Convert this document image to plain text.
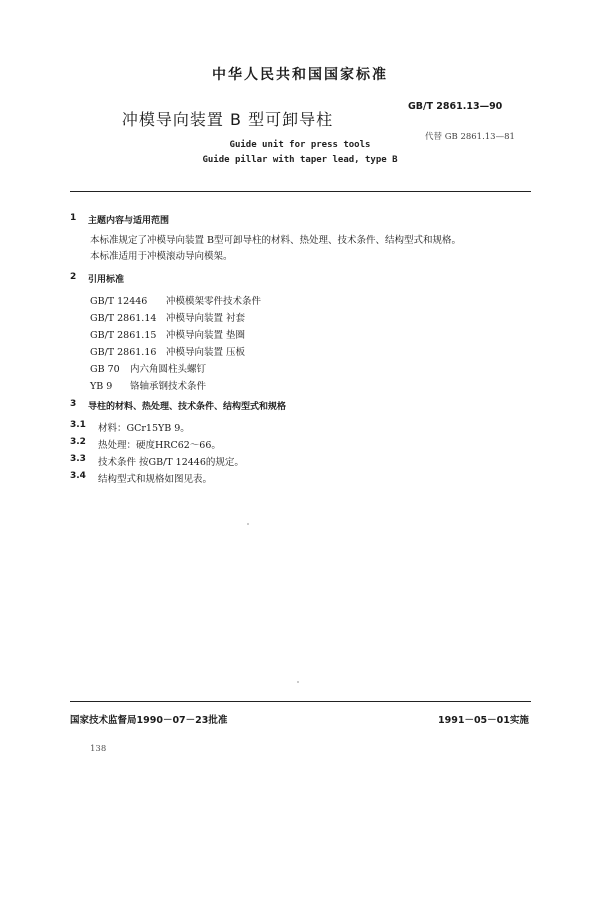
中华人民共和国国家标准
GB/T 2861.13—90
冲模导向装置 B 型可卸导柱
代替 GB 2861.13—81
Guide unit for press tools
Guide pillar with taper lead, type B
1 主题内容与适用范围
本标准规定了冲模导向装置 B型可卸导柱的材料、热处理、技术条件、结构型式和规格。
本标准适用于冲模滚动导向模架。
2 引用标准
GB/T 12446 冲模模架零件技术条件
GB/T 2861.14 冲模导向装置 衬套
GB/T 2861.15 冲模导向装置 垫圈
GB/T 2861.16 冲模导向装置 压板
GB 70 内六角圆柱头螺钉
YB 9 铬轴承钢技术条件
3 导柱的材料、热处理、技术条件、结构型式和规格
3.1 材料：GCr15YB 9。
3.2 热处理：硬度HRC62～66。
3.3 技术条件 按GB/T 12446的规定。
3.4 结构型式和规格如图见表。
国家技术监督局1990－07－23批准	1991－05－01实施
138
